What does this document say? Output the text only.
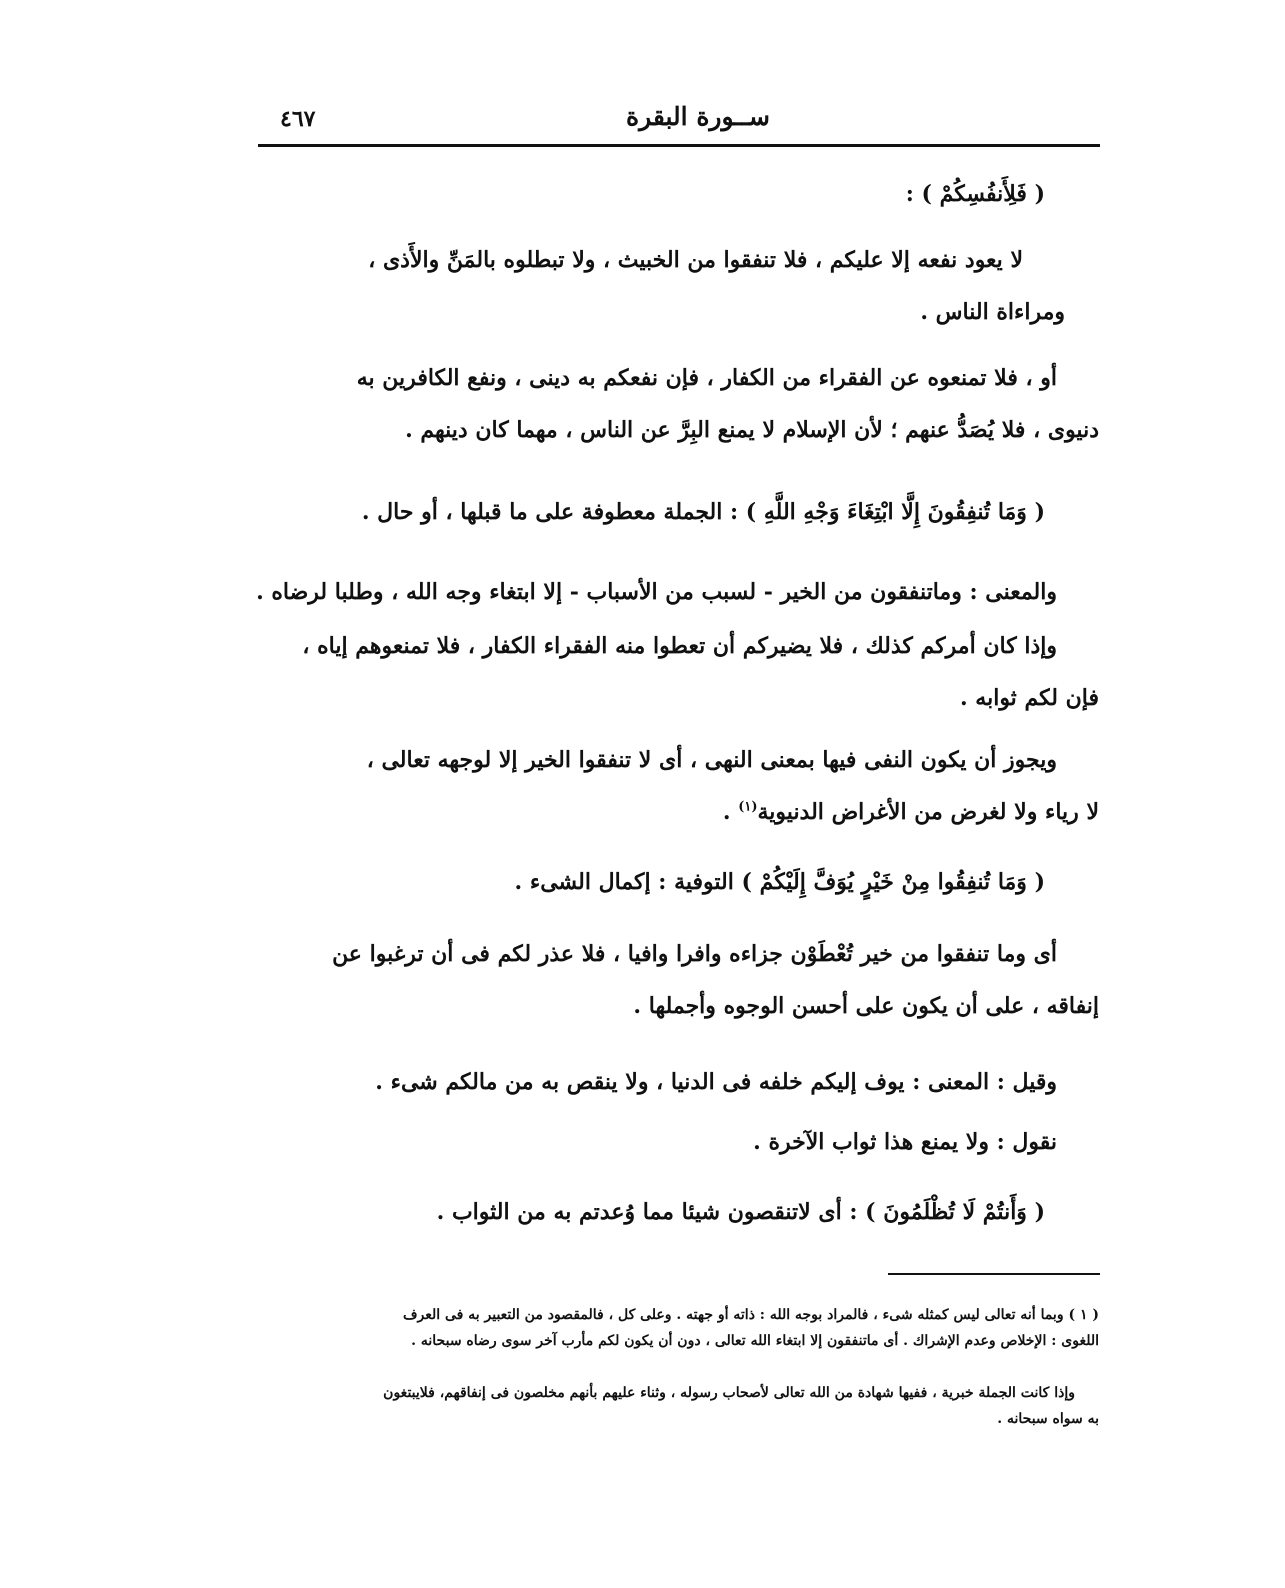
ســورة البقرة
٤٦٧
( فَلِأَنفُسِكُمْ ) :
لا يعود نفعه إلا عليكم ، فلا تنفقوا من الخبيث ، ولا تبطلوه بالمَنِّ والأَذى ،
ومراءاة الناس .
أو ، فلا تمنعوه عن الفقراء من الكفار ، فإن نفعكم به دينى ، ونفع الكافرين به
دنيوى ، فلا يُصَدُّ عنهم ؛ لأن الإسلام لا يمنع البِرَّ عن الناس ، مهما كان دينهم .
( وَمَا تُنفِقُونَ إِلَّا ابْتِغَاءَ وَجْهِ اللَّهِ ) : الجملة معطوفة على ما قبلها ، أو حال .
والمعنى : وماتنفقون من الخير - لسبب من الأسباب - إلا ابتغاء وجه الله ، وطلبا لرضاه .
وإذا كان أمركم كذلك ، فلا يضيركم أن تعطوا منه الفقراء الكفار ، فلا تمنعوهم إياه ،
فإن لكم ثوابه .
ويجوز أن يكون النفى فيها بمعنى النهى ، أى لا تنفقوا الخير إلا لوجهه تعالى ،
لا رياء ولا لغرض من الأغراض الدنيوية$^{(١)}$ .
( وَمَا تُنفِقُوا مِنْ خَيْرٍ يُوَفَّ إِلَيْكُمْ ) التوفية : إكمال الشىء .
أى وما تنفقوا من خير تُعْطَوْن جزاءه وافرا وافيا ، فلا عذر لكم فى أن ترغبوا عن
إنفاقه ، على أن يكون على أحسن الوجوه وأجملها .
وقيل : المعنى : يوف إليكم خلفه فى الدنيا ، ولا ينقص به من مالكم شىء .
نقول : ولا يمنع هذا ثواب الآخرة .
( وَأَنتُمْ لَا تُظْلَمُونَ ) : أى لاتنقصون شيئا مما وُعدتم به من الثواب .
( ١ ) وبما أنه تعالى ليس كمثله شىء ، فالمراد بوجه الله : ذاته أو جهته . وعلى كل ، فالمقصود من التعبير به فى العرف
اللغوى : الإخلاص وعدم الإشراك . أى ماتنفقون إلا ابتغاء الله تعالى ، دون أن يكون لكم مأرب آخر سوى رضاه سبحانه .
وإذا كانت الجملة خبرية ، ففيها شهادة من الله تعالى لأصحاب رسوله ، وثناء عليهم بأنهم مخلصون فى إنفاقهم، فلايبتغون
به سواه سبحانه .
